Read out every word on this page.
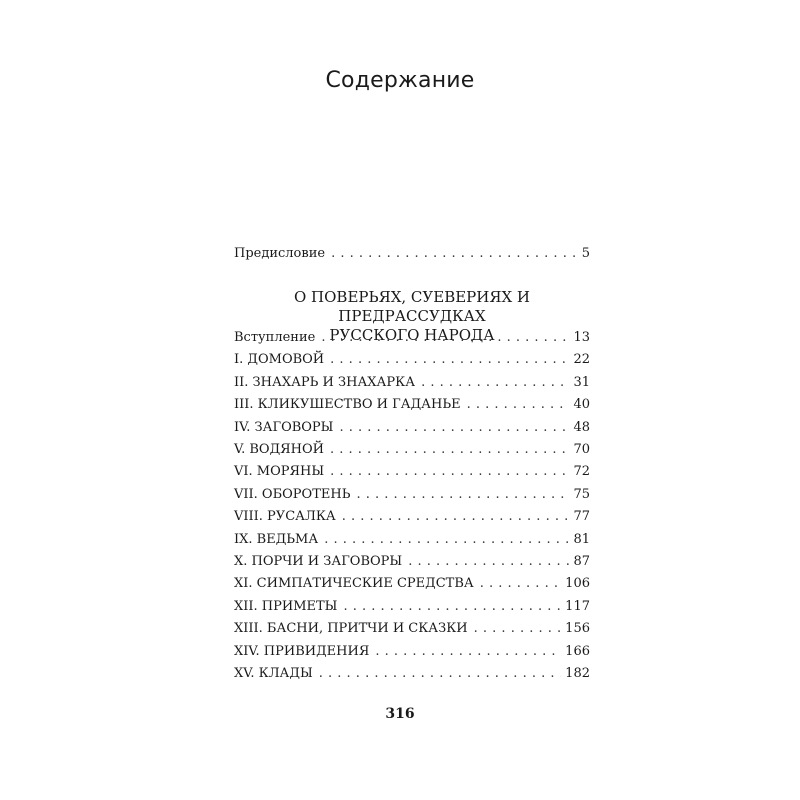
Содержание
Предисловие . . .	5
О ПОВЕРЬЯХ, СУЕВЕРИЯХ И ПРЕДРАССУДКАХ
РУССКОГО НАРОДА
Вступление . . .	13
I. ДОМОВОЙ . . .	22
II. ЗНАХАРЬ И ЗНАХАРКА . . .	31
III. КЛИКУШЕСТВО И ГАДАНЬЕ . . .	40
IV. ЗАГОВОРЫ . . .	48
V. ВОДЯНОЙ . . .	70
VI. МОРЯНЫ . . .	72
VII. ОБОРОТЕНЬ . . .	75
VIII. РУСАЛКА . . .	77
IX. ВЕДЬМА . . .	81
X. ПОРЧИ И ЗАГОВОРЫ . . .	87
XI. СИМПАТИЧЕСКИЕ СРЕДСТВА . . .	106
XII. ПРИМЕТЫ . . .	117
XIII. БАСНИ, ПРИТЧИ И СКАЗКИ . . .	156
XIV. ПРИВИДЕНИЯ . . .	166
XV. КЛАДЫ . . .	182
316
